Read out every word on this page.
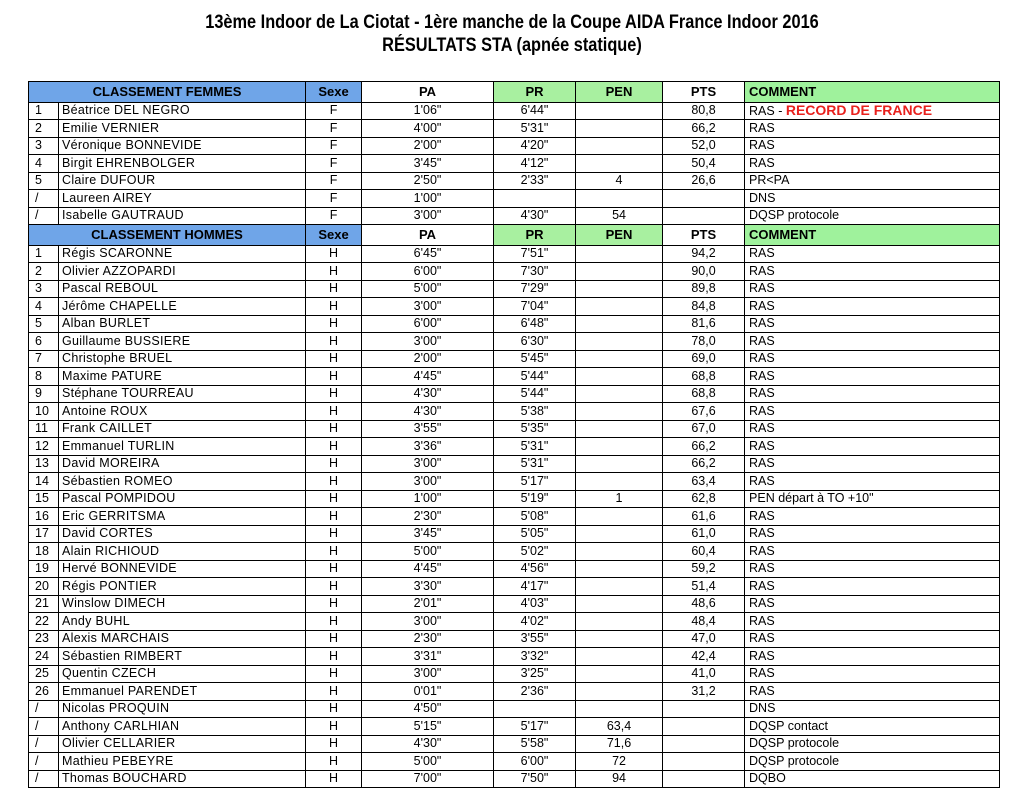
13ème Indoor de La Ciotat - 1ère manche de la Coupe AIDA France Indoor 2016
RÉSULTATS STA (apnée statique)
CLASSEMENT FEMMES		Sexe	PA	PR	PEN	PTS	COMMENT
1	Béatrice DEL NEGRO	F	1'06"	6'44"		80,8	RAS - RECORD DE FRANCE
2	Emilie VERNIER	F	4'00"	5'31"		66,2	RAS
3	Véronique BONNEVIDE	F	2'00"	4'20"		52,0	RAS
4	Birgit EHRENBOLGER	F	3'45"	4'12"		50,4	RAS
5	Claire DUFOUR	F	2'50"	2'33"	4	26,6	PR<PA
/	Laureen AIREY	F	1'00"				DNS
/	Isabelle GAUTRAUD	F	3'00"	4'30"	54		DQSP protocole
CLASSEMENT HOMMES		Sexe	PA	PR	PEN	PTS	COMMENT
1	Régis SCARONNE	H	6'45"	7'51"		94,2	RAS
2	Olivier AZZOPARDI	H	6'00"	7'30"		90,0	RAS
3	Pascal REBOUL	H	5'00"	7'29"		89,8	RAS
4	Jérôme CHAPELLE	H	3'00"	7'04"		84,8	RAS
5	Alban BURLET	H	6'00"	6'48"		81,6	RAS
6	Guillaume BUSSIERE	H	3'00"	6'30"		78,0	RAS
7	Christophe BRUEL	H	2'00"	5'45"		69,0	RAS
8	Maxime PATURE	H	4'45"	5'44"		68,8	RAS
9	Stéphane TOURREAU	H	4'30"	5'44"		68,8	RAS
10	Antoine ROUX	H	4'30"	5'38"		67,6	RAS
11	Frank CAILLET	H	3'55"	5'35"		67,0	RAS
12	Emmanuel TURLIN	H	3'36"	5'31"		66,2	RAS
13	David MOREIRA	H	3'00"	5'31"		66,2	RAS
14	Sébastien ROMEO	H	3'00"	5'17"		63,4	RAS
15	Pascal POMPIDOU	H	1'00"	5'19"	1	62,8	PEN départ à TO +10"
16	Eric GERRITSMA	H	2'30"	5'08"		61,6	RAS
17	David CORTES	H	3'45"	5'05"		61,0	RAS
18	Alain RICHIOUD	H	5'00"	5'02"		60,4	RAS
19	Hervé BONNEVIDE	H	4'45"	4'56"		59,2	RAS
20	Régis PONTIER	H	3'30"	4'17"		51,4	RAS
21	Winslow DIMECH	H	2'01"	4'03"		48,6	RAS
22	Andy BUHL	H	3'00"	4'02"		48,4	RAS
23	Alexis MARCHAIS	H	2'30"	3'55"		47,0	RAS
24	Sébastien RIMBERT	H	3'31"	3'32"		42,4	RAS
25	Quentin CZECH	H	3'00"	3'25"		41,0	RAS
26	Emmanuel PARENDET	H	0'01"	2'36"		31,2	RAS
/	Nicolas PROQUIN	H	4'50"				DNS
/	Anthony CARLHIAN	H	5'15"	5'17"	63,4		DQSP contact
/	Olivier CELLARIER	H	4'30"	5'58"	71,6		DQSP protocole
/	Mathieu PEBEYRE	H	5'00"	6'00"	72		DQSP protocole
/	Thomas BOUCHARD	H	7'00"	7'50"	94		DQBO
